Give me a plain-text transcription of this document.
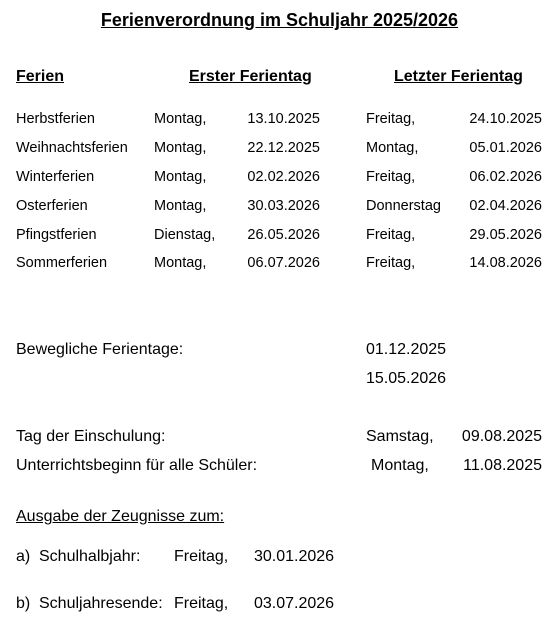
Ferienverordnung im Schuljahr 2025/2026
Ferien	Erster Ferientag	Letzter Ferientag
Herbstferien	Montag,	13.10.2025	Freitag,	24.10.2025
Weihnachtsferien Montag,	22.12.2025	Montag,	05.01.2026
Winterferien	Montag,	02.02.2026	Freitag,	06.02.2026
Osterferien	Montag,	30.03.2026	Donnerstag 02.04.2026
Pfingstferien	Dienstag, 26.05.2026	Freitag,	29.05.2026
Sommerferien	Montag,	06.07.2026	Freitag,	14.08.2026
Bewegliche Ferientage:	01.12.2025
15.05.2026
Tag der Einschulung:	Samstag, 09.08.2025
Unterrichtsbeginn für alle Schüler:	Montag, 11.08.2025
Ausgabe der Zeugnisse zum:
a) Schulhalbjahr: Freitag, 30.01.2026
b) Schuljahresende: Freitag, 03.07.2026
